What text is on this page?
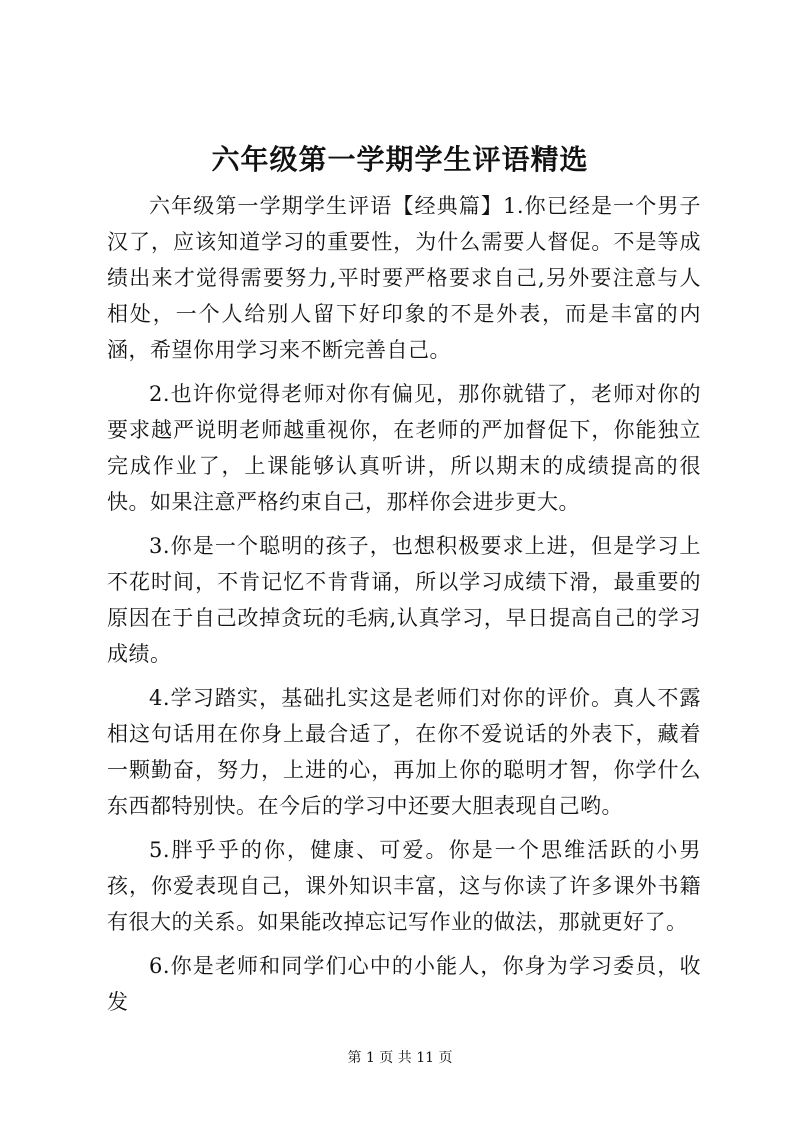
六年级第一学期学生评语精选

六年级第一学期学生评语【经典篇】1.你已经是一个男子汉了，应该知道学习的重要性，为什么需要人督促。不是等成绩出来才觉得需要努力,平时要严格要求自己,另外要注意与人相处，一个人给别人留下好印象的不是外表，而是丰富的内涵，希望你用学习来不断完善自己。

2.也许你觉得老师对你有偏见，那你就错了，老师对你的要求越严说明老师越重视你，在老师的严加督促下，你能独立完成作业了，上课能够认真听讲，所以期末的成绩提高的很快。如果注意严格约束自己，那样你会进步更大。

3.你是一个聪明的孩子，也想积极要求上进，但是学习上不花时间，不肯记忆不肯背诵，所以学习成绩下滑，最重要的原因在于自己改掉贪玩的毛病,认真学习，早日提高自己的学习成绩。

4.学习踏实，基础扎实这是老师们对你的评价。真人不露相这句话用在你身上最合适了，在你不爱说话的外表下，藏着一颗勤奋，努力，上进的心，再加上你的聪明才智，你学什么东西都特别快。在今后的学习中还要大胆表现自己哟。

5.胖乎乎的你，健康、可爱。你是一个思维活跃的小男孩，你爱表现自己，课外知识丰富，这与你读了许多课外书籍有很大的关系。如果能改掉忘记写作业的做法，那就更好了。

6.你是老师和同学们心中的小能人，你身为学习委员，收发

第 1 页 共 11 页
